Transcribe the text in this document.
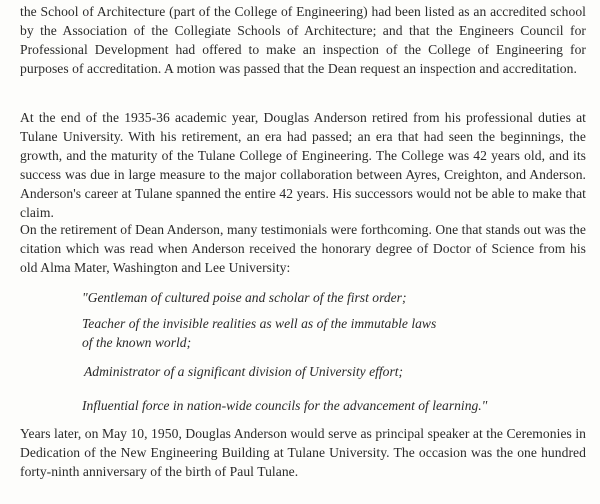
the School of Architecture (part of the College of Engineering) had been listed as an accredited school by the Association of the Collegiate Schools of Architecture; and that the Engineers Council for Professional Development had offered to make an inspection of the College of Engineering for purposes of accreditation. A motion was passed that the Dean request an inspection and accreditation.

At the end of the 1935-36 academic year, Douglas Anderson retired from his professional duties at Tulane University. With his retirement, an era had passed; an era that had seen the beginnings, the growth, and the maturity of the Tulane College of Engineering. The College was 42 years old, and its success was due in large measure to the major collaboration between Ayres, Creighton, and Anderson. Anderson's career at Tulane spanned the entire 42 years. His successors would not be able to make that claim.

On the retirement of Dean Anderson, many testimonials were forthcoming. One that stands out was the citation which was read when Anderson received the honorary degree of Doctor of Science from his old Alma Mater, Washington and Lee University:

"Gentleman of cultured poise and scholar of the first order;

Teacher of the invisible realities as well as of the immutable laws of the known world;

Administrator of a significant division of University effort;

Influential force in nation-wide councils for the advancement of learning."

Years later, on May 10, 1950, Douglas Anderson would serve as principal speaker at the Ceremonies in Dedication of the New Engineering Building at Tulane University. The occasion was the one hundred forty-ninth anniversary of the birth of Paul Tulane.
